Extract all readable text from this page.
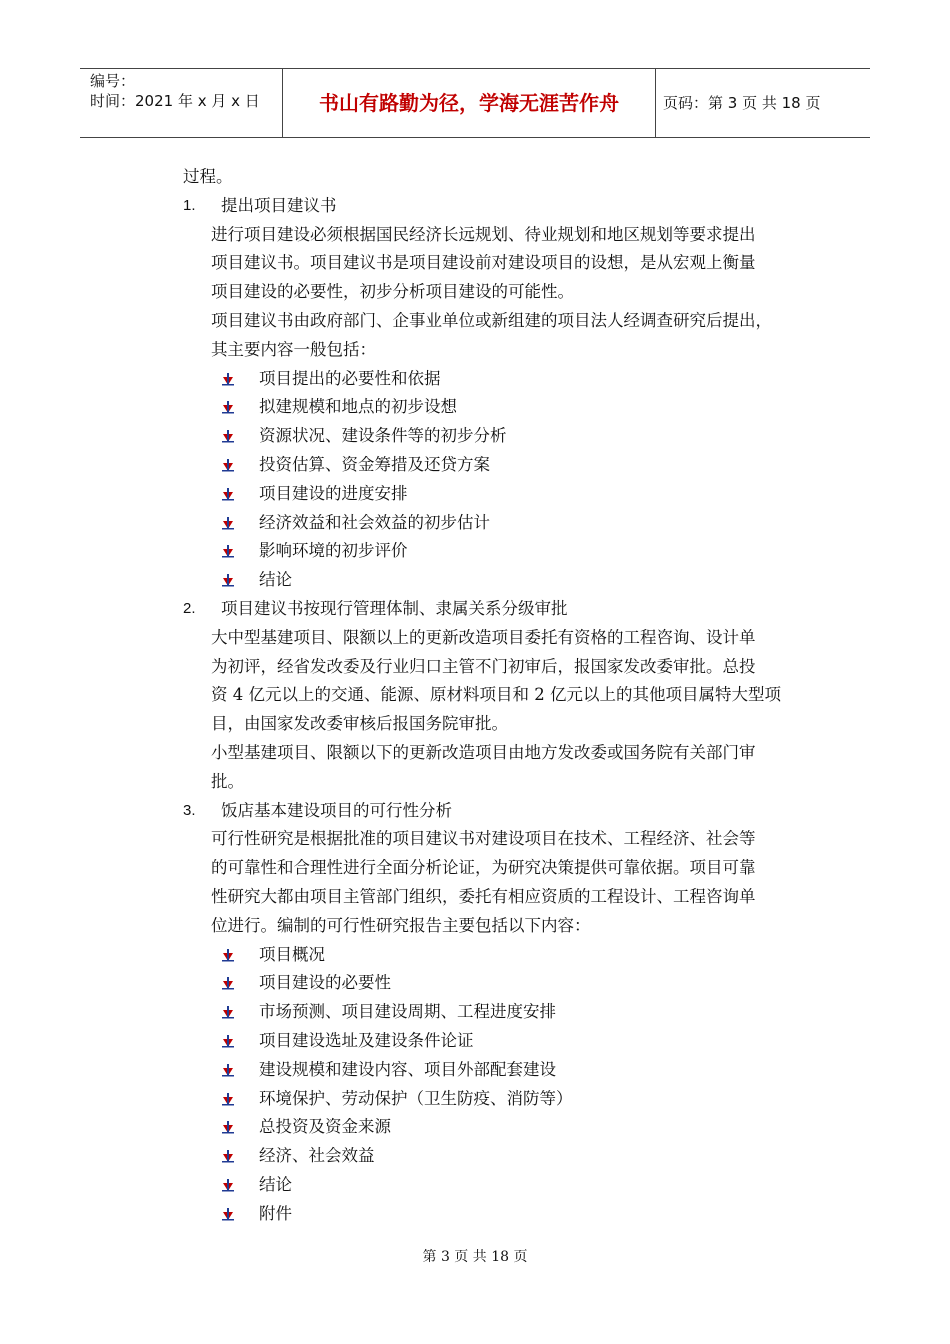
编号：
时间：2021 年 x 月 x 日	书山有路勤为径，学海无涯苦作舟	页码：第 3 页 共 18 页
过程。
1. 提出项目建议书
进行项目建设必须根据国民经济长远规划、待业规划和地区规划等要求提出
项目建议书。项目建议书是项目建设前对建设项目的设想，是从宏观上衡量
项目建设的必要性，初步分析项目建设的可能性。
项目建议书由政府部门、企事业单位或新组建的项目法人经调查研究后提出，
其主要内容一般包括：
项目提出的必要性和依据
拟建规模和地点的初步设想
资源状况、建设条件等的初步分析
投资估算、资金筹措及还贷方案
项目建设的进度安排
经济效益和社会效益的初步估计
影响环境的初步评价
结论
2. 项目建议书按现行管理体制、隶属关系分级审批
大中型基建项目、限额以上的更新改造项目委托有资格的工程咨询、设计单
为初评，经省发改委及行业归口主管不门初审后，报国家发改委审批。总投
资 4 亿元以上的交通、能源、原材料项目和 2 亿元以上的其他项目属特大型项
目，由国家发改委审核后报国务院审批。
小型基建项目、限额以下的更新改造项目由地方发改委或国务院有关部门审
批。
3. 饭店基本建设项目的可行性分析
可行性研究是根据批准的项目建议书对建设项目在技术、工程经济、社会等
的可靠性和合理性进行全面分析论证，为研究决策提供可靠依据。项目可靠
性研究大都由项目主管部门组织，委托有相应资质的工程设计、工程咨询单
位进行。编制的可行性研究报告主要包括以下内容：
项目概况
项目建设的必要性
市场预测、项目建设周期、工程进度安排
项目建设选址及建设条件论证
建设规模和建设内容、项目外部配套建设
环境保护、劳动保护（卫生防疫、消防等）
总投资及资金来源
经济、社会效益
结论
附件
第 3 页 共 18 页
